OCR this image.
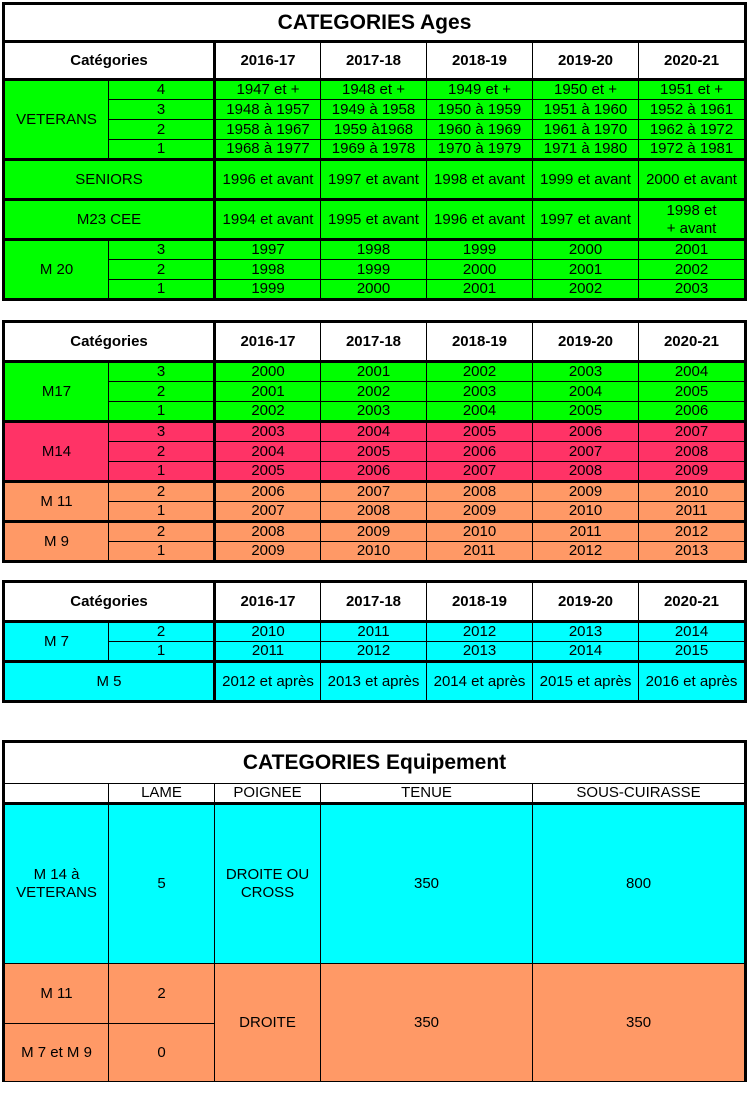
CATEGORIES Ages						
Catégories		2016-17	2017-18	2018-19	2019-20	2020-21
VETERANS	4	1947 et +	1948 et +	1949 et +	1950 et +	1951 et +
	3	1948 à 1957	1949 à 1958	1950 à 1959	1951 à 1960	1952 à 1961
	2	1958 à 1967	1959 à1968	1960 à 1969	1961 à 1970	1962 à 1972
	1	1968 à 1977	1969 à 1978	1970 à 1979	1971 à 1980	1972 à 1981
SENIORS		1996 et avant	1997 et avant	1998 et avant	1999 et avant	2000 et avant
M23 CEE		1994 et avant	1995 et avant	1996 et avant	1997 et avant	1998 et + avant
M 20	3	1997	1998	1999	2000	2001
	2	1998	1999	2000	2001	2002
	1	1999	2000	2001	2002	2003
Catégories		2016-17	2017-18	2018-19	2019-20	2020-21
M17	3	2000	2001	2002	2003	2004
	2	2001	2002	2003	2004	2005
	1	2002	2003	2004	2005	2006
M14	3	2003	2004	2005	2006	2007
	2	2004	2005	2006	2007	2008
	1	2005	2006	2007	2008	2009
M 11	2	2006	2007	2008	2009	2010
	1	2007	2008	2009	2010	2011
M 9	2	2008	2009	2010	2011	2012
	1	2009	2010	2011	2012	2013
Catégories		2016-17	2017-18	2018-19	2019-20	2020-21
M 7	2	2010	2011	2012	2013	2014
	1	2011	2012	2013	2014	2015
M 5		2012 et après	2013 et après	2014 et après	2015 et après	2016 et après
CATEGORIES Equipement				
	LAME	POIGNEE	TENUE	SOUS-CUIRASSE
M 14 à VETERANS	5	DROITE OU CROSS	350	800
M 11	2	DROITE	350	350
M 7 et M 9	0			
